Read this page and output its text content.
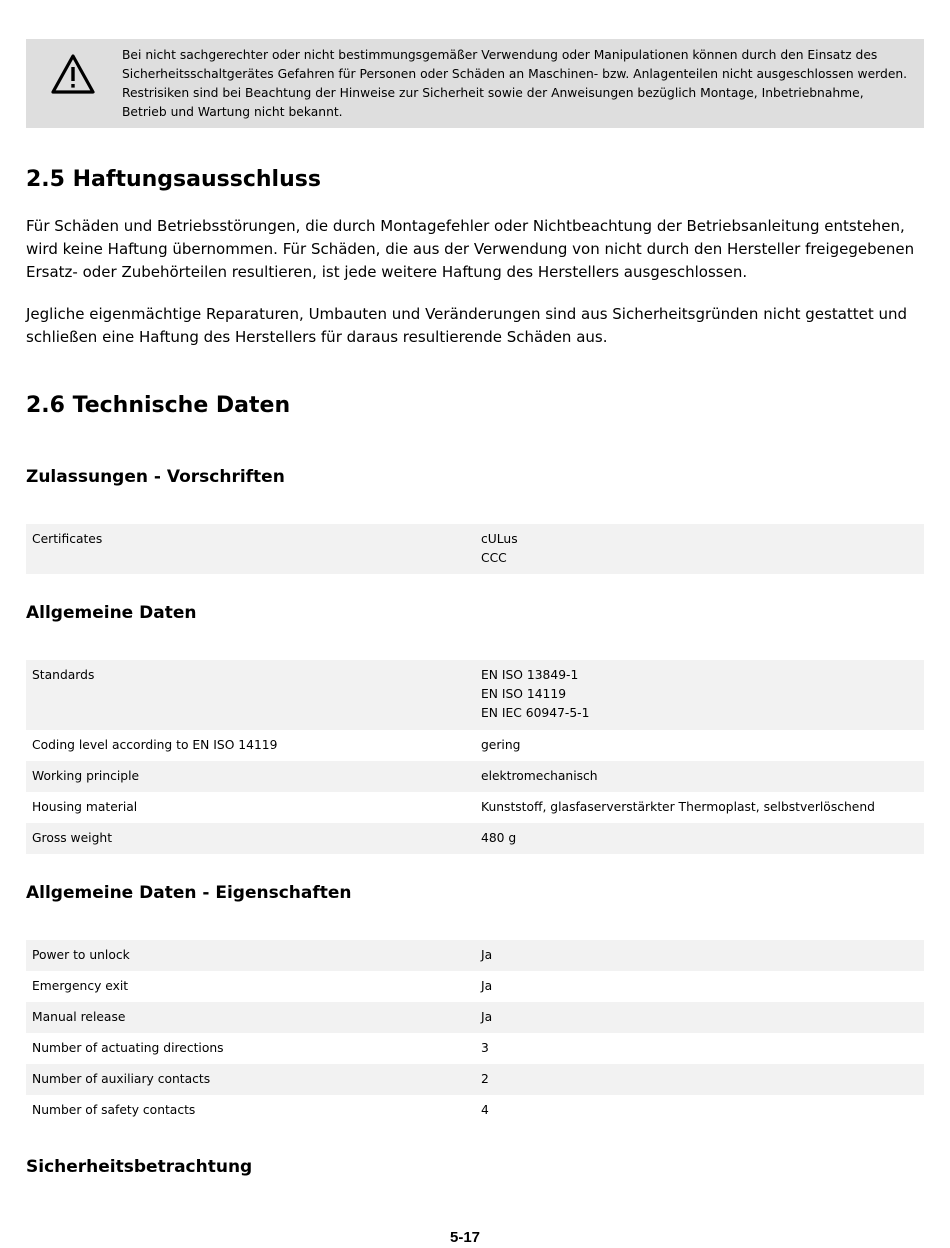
Bei nicht sachgerechter oder nicht bestimmungsgemäßer Verwendung oder Manipulationen können durch den Einsatz des
Sicherheitsschaltgerätes Gefahren für Personen oder Schäden an Maschinen- bzw. Anlagenteilen nicht ausgeschlossen werden.
Restrisiken sind bei Beachtung der Hinweise zur Sicherheit sowie der Anweisungen bezüglich Montage, Inbetriebnahme,
Betrieb und Wartung nicht bekannt.
2.5 Haftungsausschluss
Für Schäden und Betriebsstörungen, die durch Montagefehler oder Nichtbeachtung der Betriebsanleitung entstehen,
wird keine Haftung übernommen. Für Schäden, die aus der Verwendung von nicht durch den Hersteller freigegebenen
Ersatz- oder Zubehörteilen resultieren, ist jede weitere Haftung des Herstellers ausgeschlossen.
Jegliche eigenmächtige Reparaturen, Umbauten und Veränderungen sind aus Sicherheitsgründen nicht gestattet und
schließen eine Haftung des Herstellers für daraus resultierende Schäden aus.
2.6 Technische Daten
Zulassungen - Vorschriften
Certificates	cULus
CCC
Allgemeine Daten
Standards	EN ISO 13849-1
EN ISO 14119
EN IEC 60947-5-1
Coding level according to EN ISO 14119	gering
Working principle	elektromechanisch
Housing material	Kunststoff, glasfaserverstärkter Thermoplast, selbstverlöschend
Gross weight	480 g
Allgemeine Daten - Eigenschaften
Power to unlock	Ja
Emergency exit	Ja
Manual release	Ja
Number of actuating directions	3
Number of auxiliary contacts	2
Number of safety contacts	4
Sicherheitsbetrachtung
5-17
